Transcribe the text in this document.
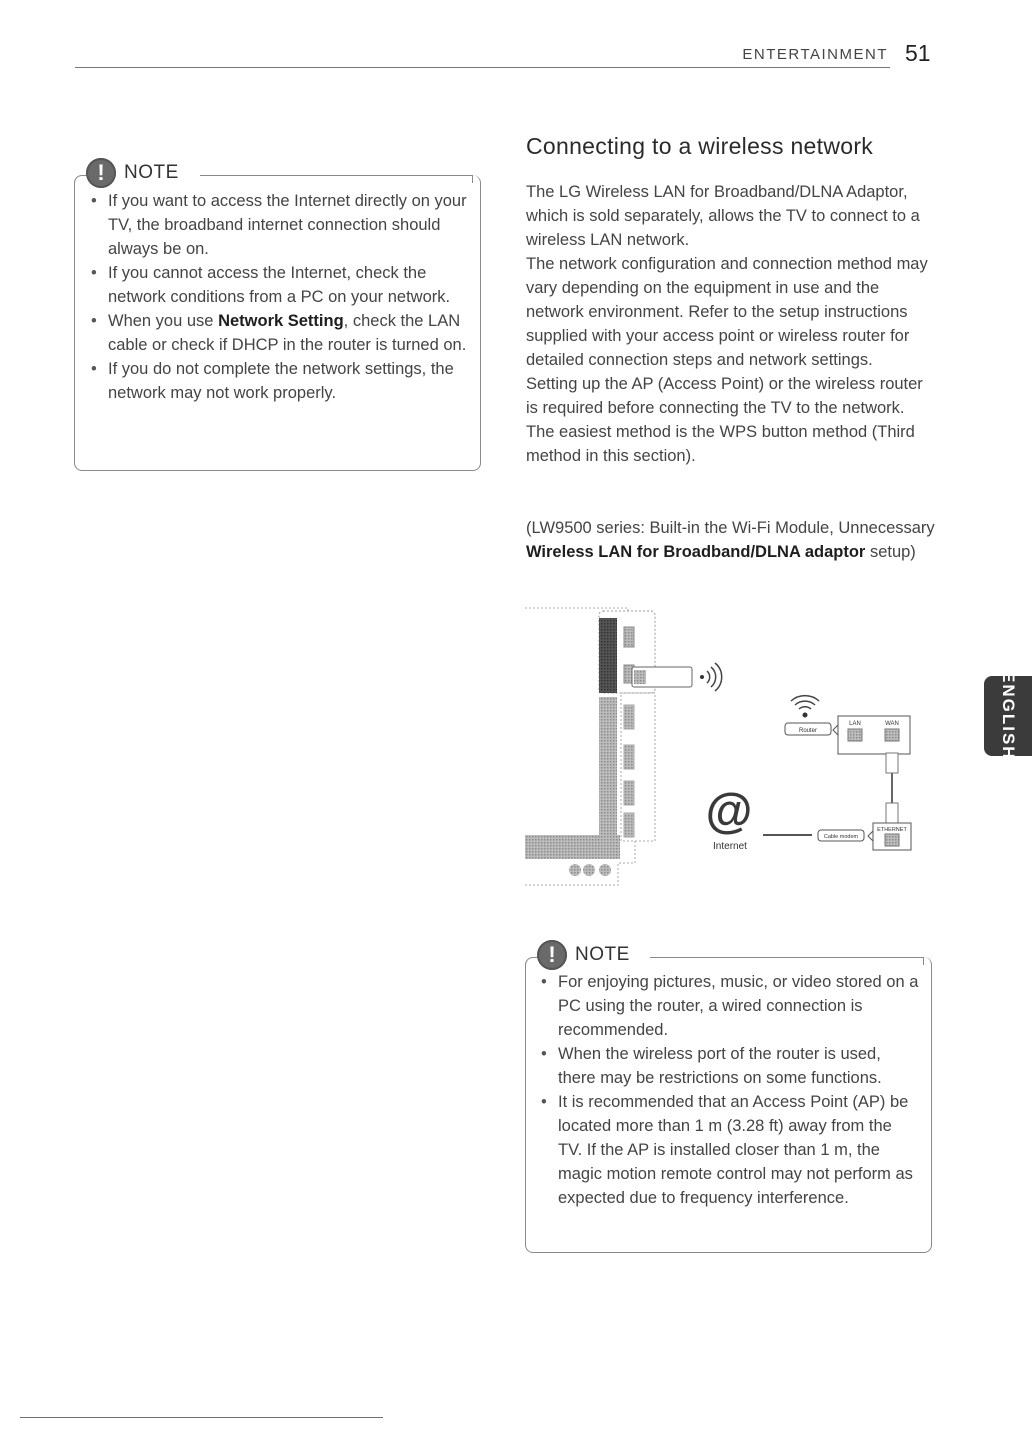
ENTERTAINMENT 51
!	NOTE
• If you want to access the Internet directly on your TV, the broadband internet connection should always be on.
• If you cannot access the Internet, check the network conditions from a PC on your network.
• When you use Network Setting, check the LAN cable or check if DHCP in the router is turned on.
• If you do not complete the network settings, the network may not work properly.
Connecting to a wireless network

The LG Wireless LAN for Broadband/DLNA Adaptor, which is sold separately, allows the TV to connect to a wireless LAN network.

The network configuration and connection method may vary depending on the equipment in use and the network environment. Refer to the setup instructions supplied with your access point or wireless router for detailed connection steps and network settings.

Setting up the AP (Access Point) or the wireless router is required before connecting the TV to the network. The easiest method is the WPS button method (Third method in this section).

(LW9500 series: Built-in the Wi-Fi Module, Unnecessary Wireless LAN for Broadband/DLNA adaptor setup)

Router
LAN	WAN
ETHERNET
Cable modem
@
Internet
!	NOTE
• For enjoying pictures, music, or video stored on a PC using the router, a wired connection is recommended.
• When the wireless port of the router is used, there may be restrictions on some functions.
• It is recommended that an Access Point (AP) be located more than 1 m (3.28 ft) away from the TV. If the AP is installed closer than 1 m, the magic motion remote control may not perform as expected due to frequency interference.
ENGLISH
